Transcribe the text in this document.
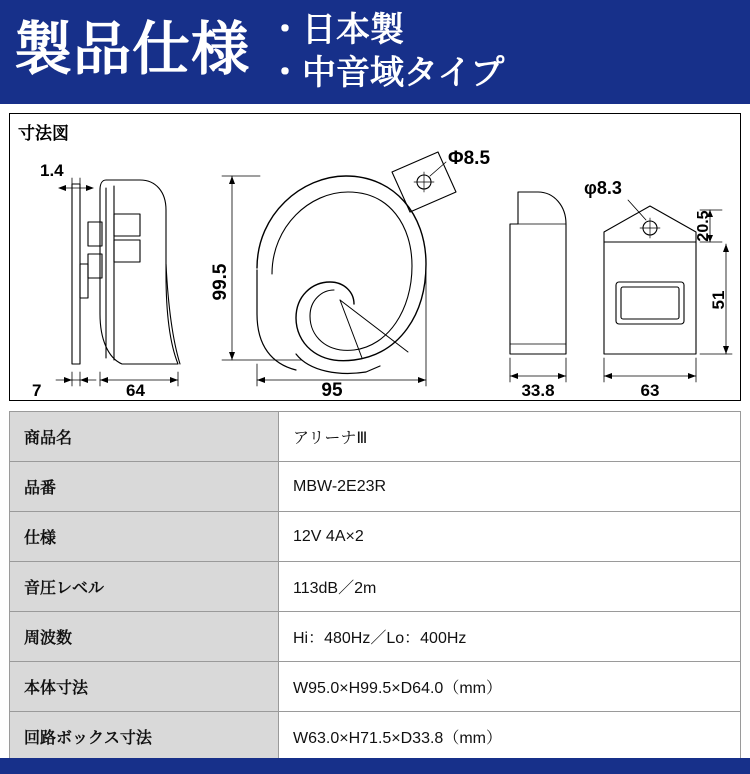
製品仕様 ・日本製
・中音域タイプ
寸法図
1.4
7	64
Φ8.5
99.5
95
φ8.3
20.5
51
33.8	63
商品名	アリーナⅢ
品番	MBW-2E23R
仕様	12V 4A×2
音圧レベル	113dB／2m
周波数	Hi：480Hz／Lo：400Hz
本体寸法	W95.0×H99.5×D64.0（mm）
回路ボックス寸法	W63.0×H71.5×D33.8（mm）
